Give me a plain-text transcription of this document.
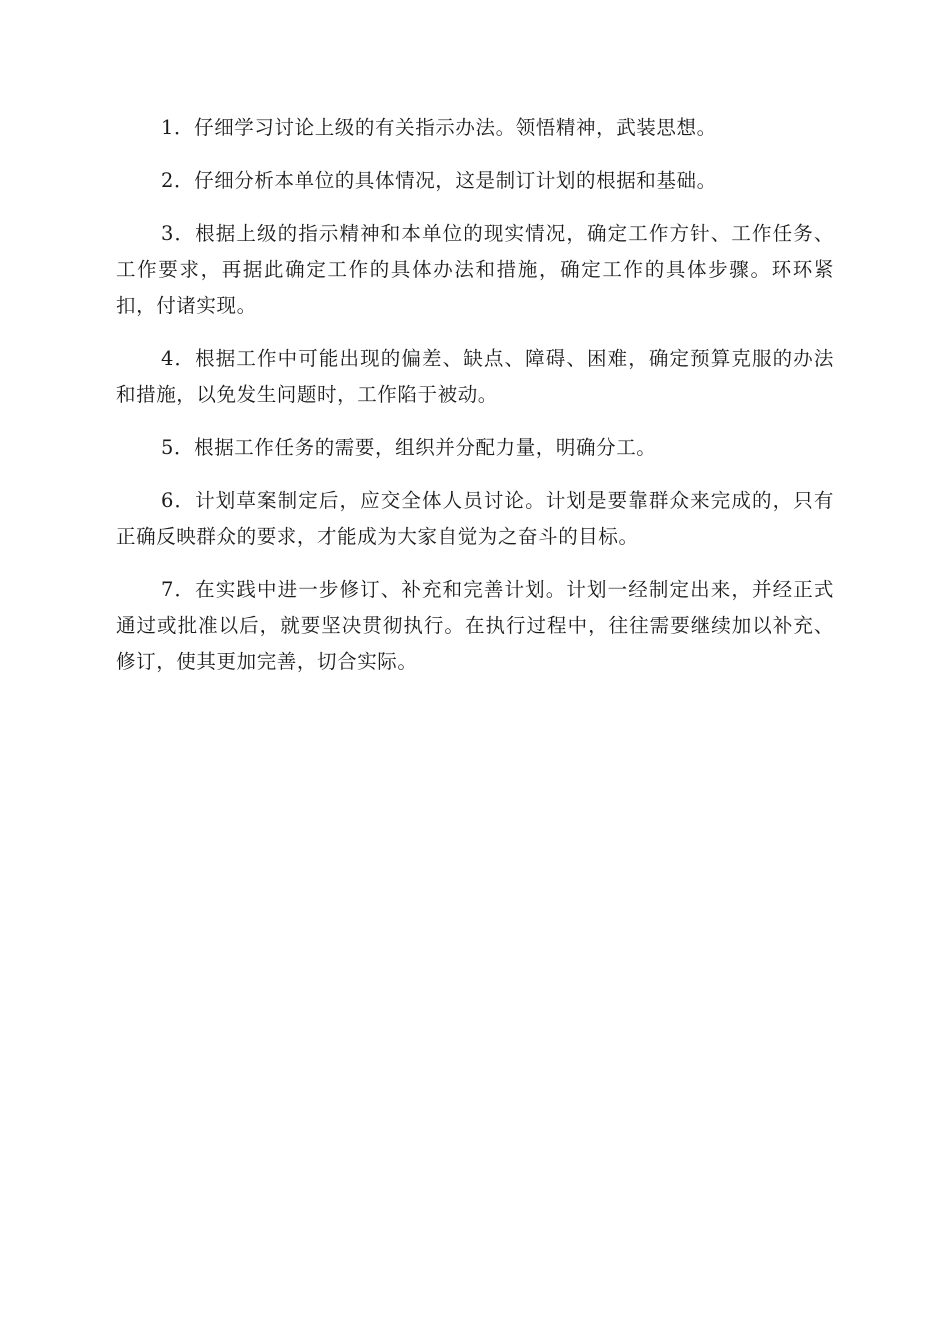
1．仔细学习讨论上级的有关指示办法。领悟精神，武装思想。

2．仔细分析本单位的具体情况，这是制订计划的根据和基础。

3．根据上级的指示精神和本单位的现实情况，确定工作方针、工作任务、工作要求，再据此确定工作的具体办法和措施，确定工作的具体步骤。环环紧扣，付诸实现。

4．根据工作中可能出现的偏差、缺点、障碍、困难，确定预算克服的办法和措施，以免发生问题时，工作陷于被动。

5．根据工作任务的需要，组织并分配力量，明确分工。

6．计划草案制定后，应交全体人员讨论。计划是要靠群众来完成的，只有正确反映群众的要求，才能成为大家自觉为之奋斗的目标。

7．在实践中进一步修订、补充和完善计划。计划一经制定出来，并经正式通过或批准以后，就要坚决贯彻执行。在执行过程中，往往需要继续加以补充、修订，使其更加完善，切合实际。
